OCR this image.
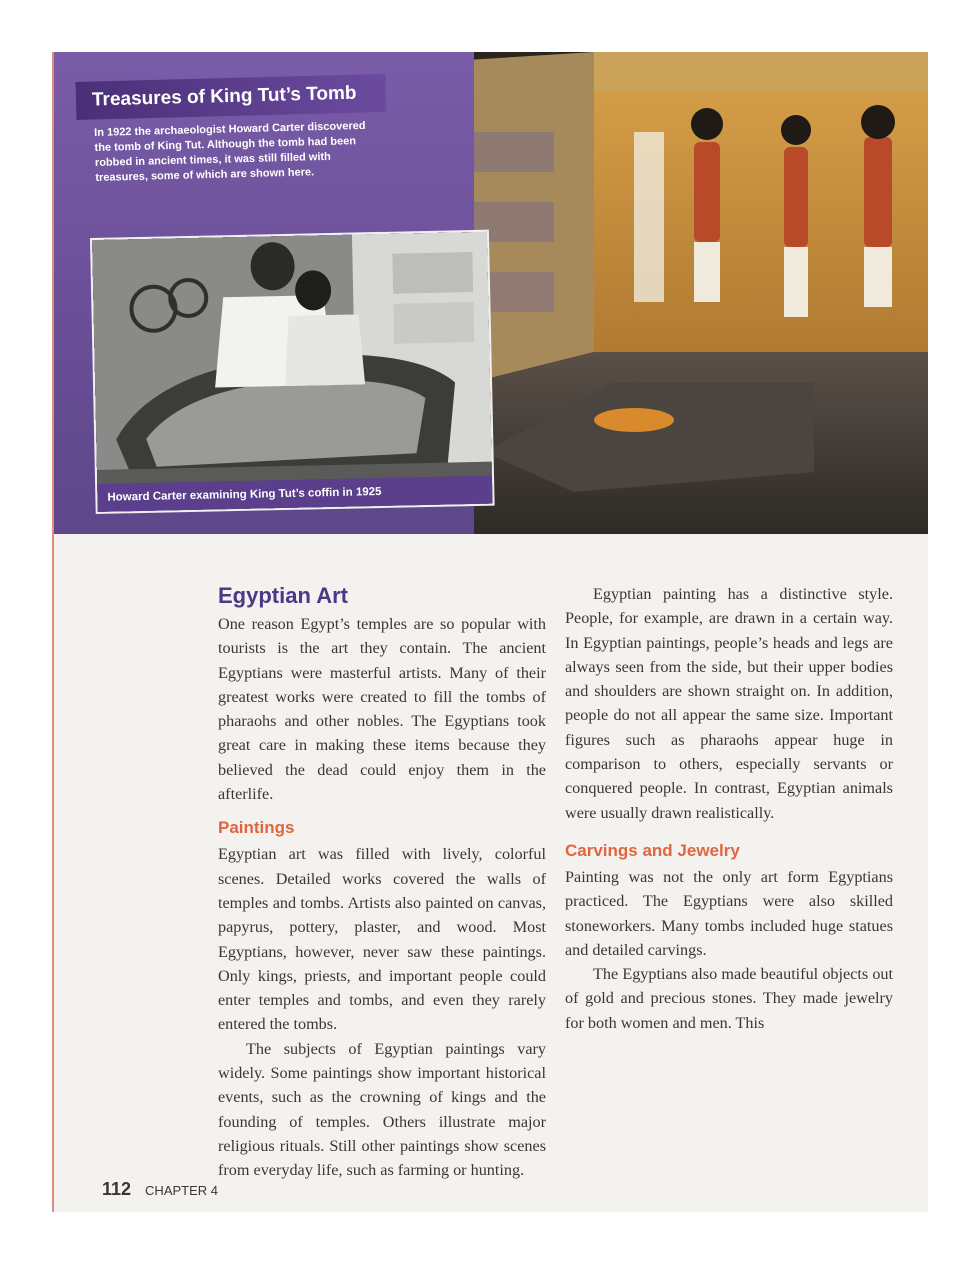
Treasures of King Tut’s Tomb
In 1922 the archaeologist Howard Carter discovered the tomb of King Tut. Although the tomb had been robbed in ancient times, it was still filled with treasures, some of which are shown here.
Howard Carter examining King Tut’s coffin in 1925
Egyptian Art

One reason Egypt’s temples are so popular with tourists is the art they contain. The ancient Egyptians were masterful artists. Many of their greatest works were created to fill the tombs of pharaohs and other nobles. The Egyptians took great care in making these items because they believed the dead could enjoy them in the afterlife.

Paintings

Egyptian art was filled with lively, colorful scenes. Detailed works covered the walls of temples and tombs. Artists also painted on canvas, papyrus, pottery, plaster, and wood. Most Egyptians, however, never saw these paintings. Only kings, priests, and important people could enter temples and tombs, and even they rarely entered the tombs.

The subjects of Egyptian paintings vary widely. Some paintings show important historical events, such as the crowning of kings and the founding of temples. Others illustrate major religious rituals. Still other paintings show scenes from everyday life, such as farming or hunting.

Egyptian painting has a distinctive style. People, for example, are drawn in a certain way. In Egyptian paintings, people’s heads and legs are always seen from the side, but their upper bodies and shoulders are shown straight on. In addition, people do not all appear the same size. Important figures such as pharaohs appear huge in comparison to others, especially servants or conquered people. In contrast, Egyptian animals were usually drawn realistically.

Carvings and Jewelry

Painting was not the only art form Egyptians practiced. The Egyptians were also skilled stoneworkers. Many tombs included huge statues and detailed carvings.

The Egyptians also made beautiful objects out of gold and precious stones. They made jewelry for both women and men. This

112 CHAPTER 4
